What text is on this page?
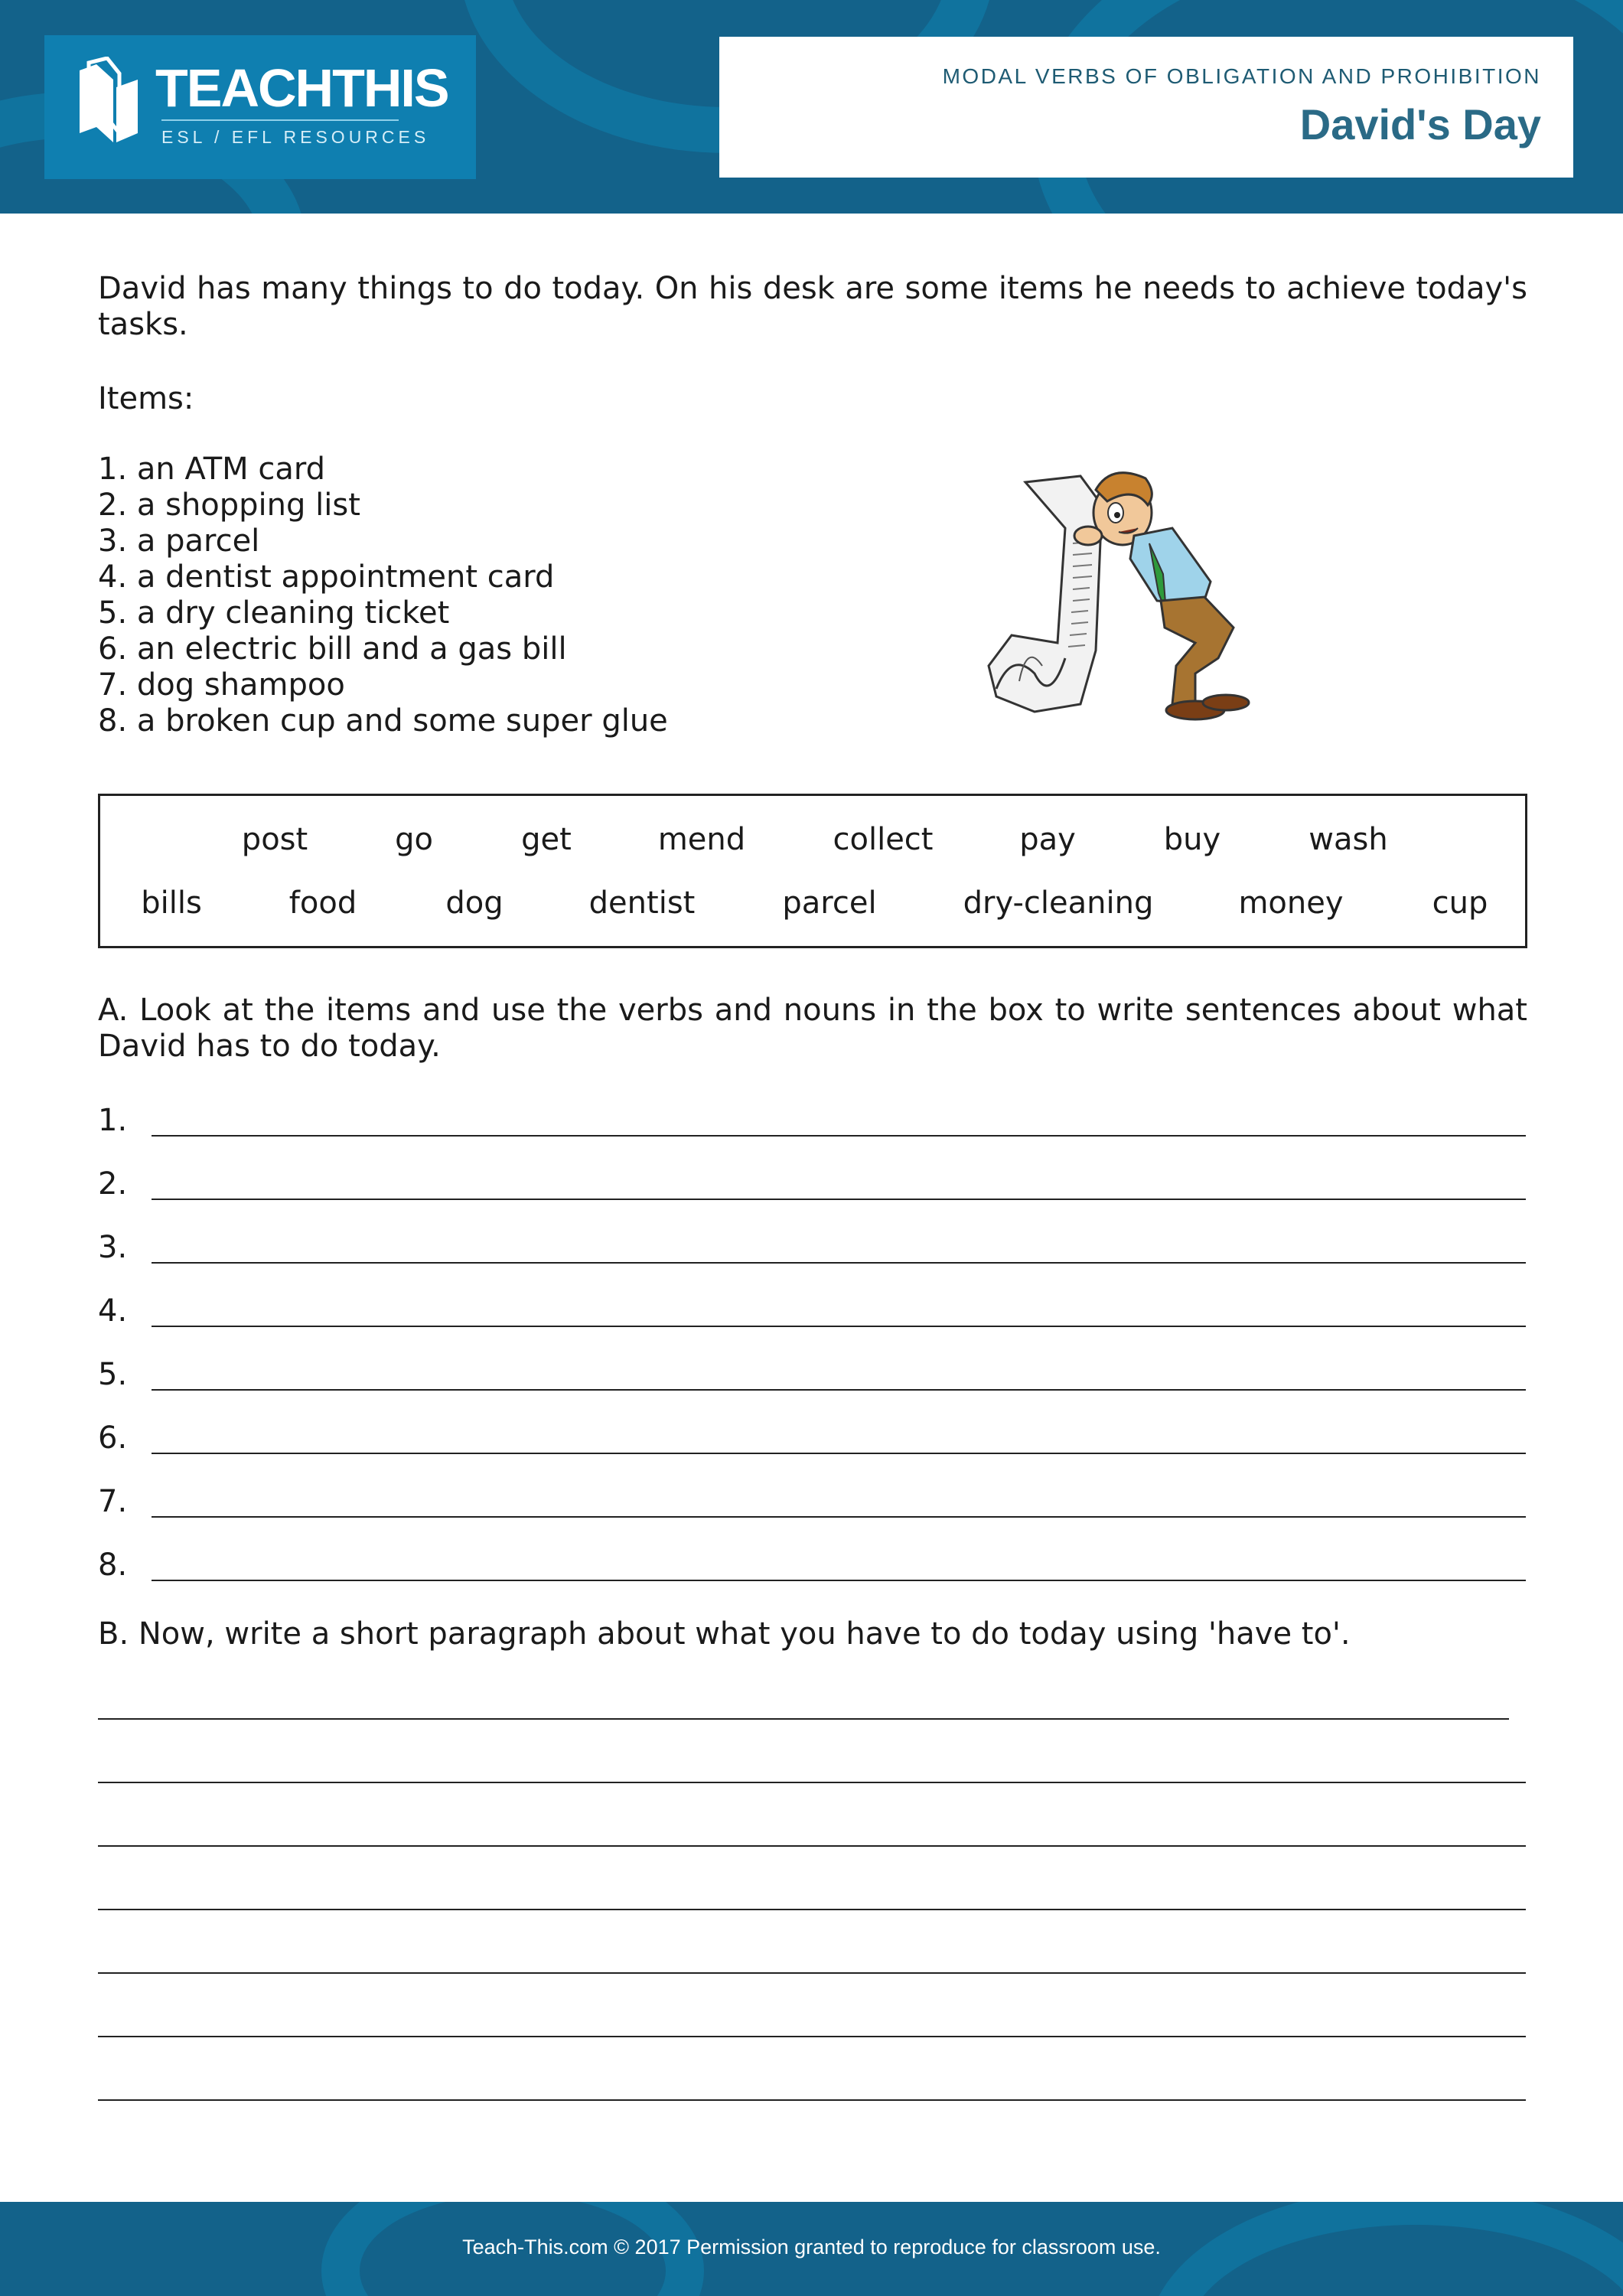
TEACHTHIS
ESL / EFL RESOURCES
MODAL VERBS OF OBLIGATION AND PROHIBITION
David's Day

David has many things to do today. On his desk are some items he needs to achieve today's tasks.

Items:
1. an ATM card
2. a shopping list
3. a parcel
4. a dentist appointment card
5. a dry cleaning ticket
6. an electric bill and a gas bill
7. dog shampoo
8. a broken cup and some super glue
post	go	get	mend	collect	pay	buy	wash
bills	food	dog	dentist	parcel	dry-cleaning	money	cup

A. Look at the items and use the verbs and nouns in the box to write sentences about what David has to do today.

1.
2.
3.
4.
5.
6.
7.
8.

B. Now, write a short paragraph about what you have to do today using 'have to'.

Teach-This.com © 2017 Permission granted to reproduce for classroom use.
